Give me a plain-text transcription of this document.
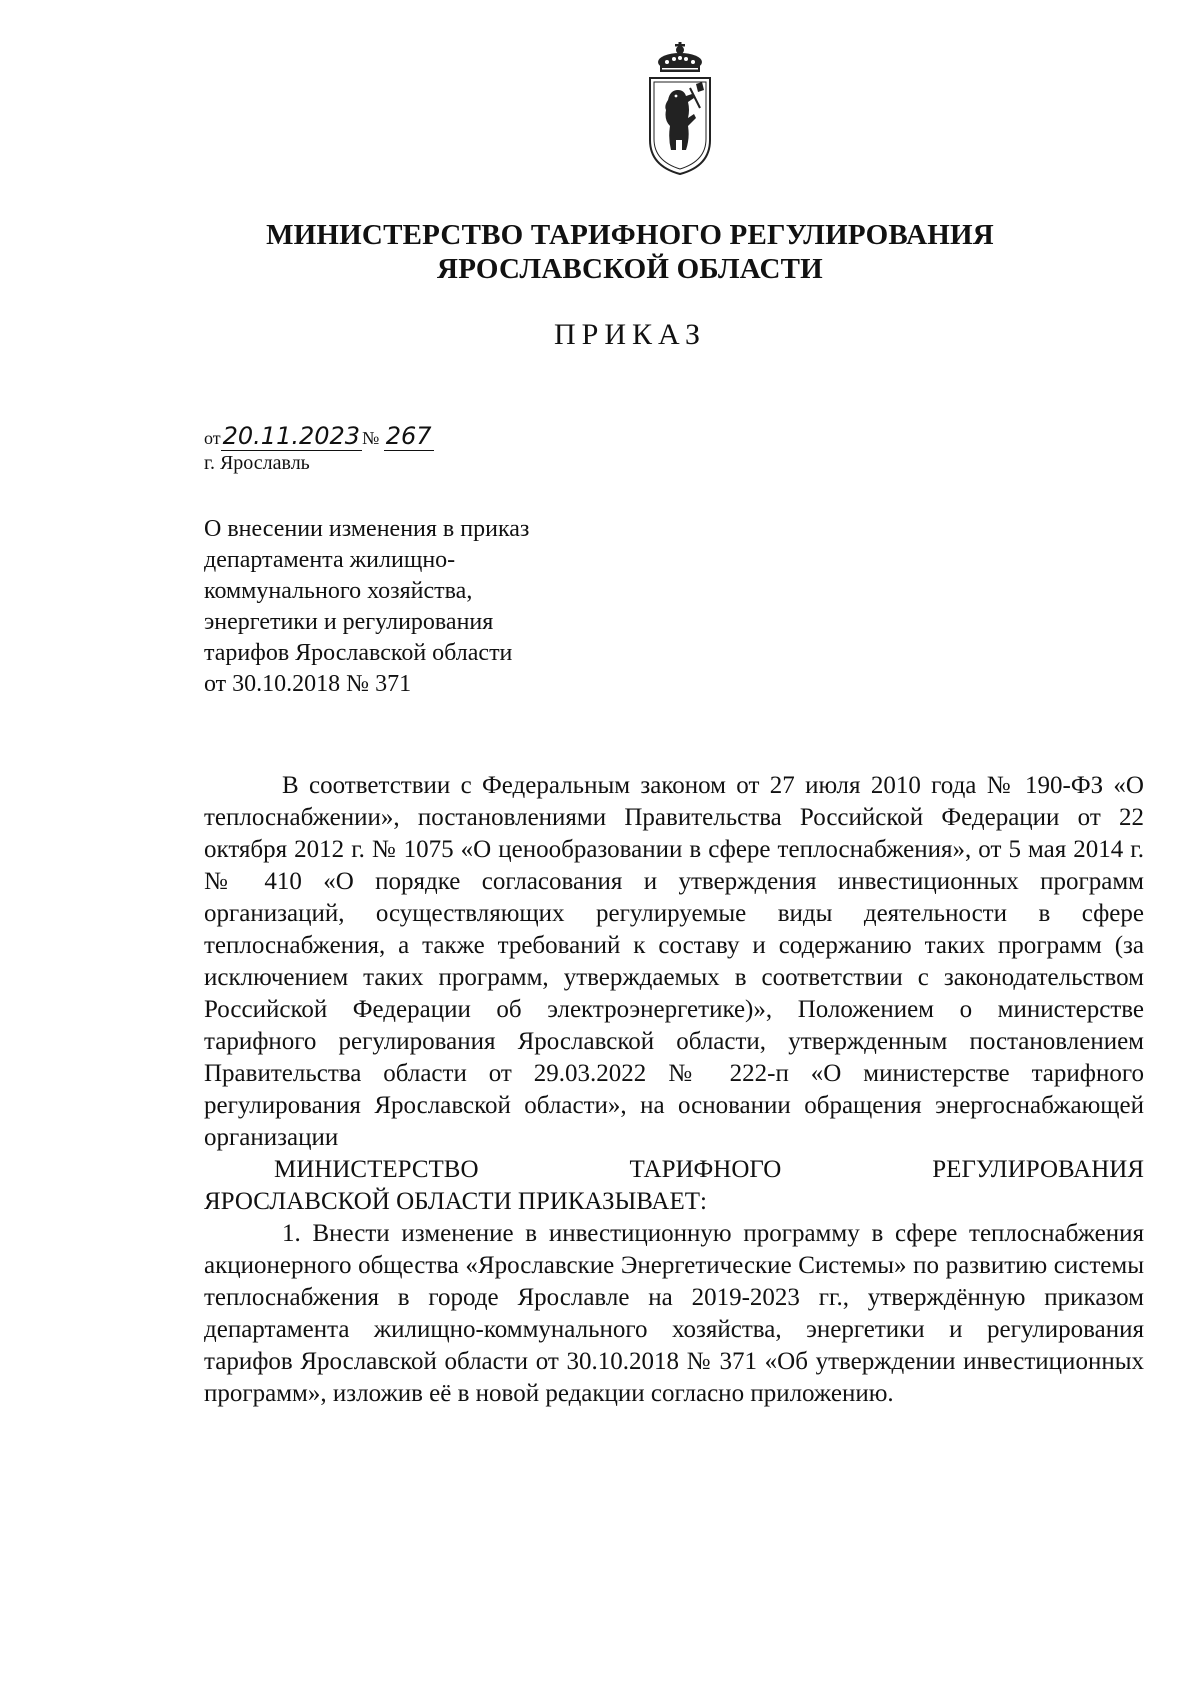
МИНИСТЕРСТВО ТАРИФНОГО РЕГУЛИРОВАНИЯ
ЯРОСЛАВСКОЙ ОБЛАСТИ
ПРИКАЗ
от20.11.2023 № 267
г. Ярославль
О внесении изменения в приказ
департамента жилищно-
коммунального хозяйства,
энергетики и регулирования
тарифов Ярославской области
от 30.10.2018 № 371

В соответствии с Федеральным законом от 27 июля 2010 года № 190-ФЗ «О теплоснабжении», постановлениями Правительства Российской Федерации от 22 октября 2012 г. № 1075 «О ценообразовании в сфере теплоснабжения», от 5 мая 2014 г. № 410 «О порядке согласования и утверждения инвестиционных программ организаций, осуществляющих регулируемые виды деятельности в сфере теплоснабжения, а также требований к составу и содержанию таких программ (за исключением таких программ, утверждаемых в соответствии с законодательством Российской Федерации об электроэнергетике)», Положением о министерстве тарифного регулирования Ярославской области, утвержденным постановлением Правительства области от 29.03.2022 № 222-п «О министерстве тарифного регулирования Ярославской области», на основании обращения энергоснабжающей организации

МИНИСТЕРСТВО ТАРИФНОГО РЕГУЛИРОВАНИЯ

ЯРОСЛАВСКОЙ ОБЛАСТИ ПРИКАЗЫВАЕТ:

1. Внести изменение в инвестиционную программу в сфере теплоснабжения акционерного общества «Ярославские Энергетические Системы» по развитию системы теплоснабжения в городе Ярославле на 2019-2023 гг., утверждённую приказом департамента жилищно-коммунального хозяйства, энергетики и регулирования тарифов Ярославской области от 30.10.2018 № 371 «Об утверждении инвестиционных программ», изложив её в новой редакции согласно приложению.
